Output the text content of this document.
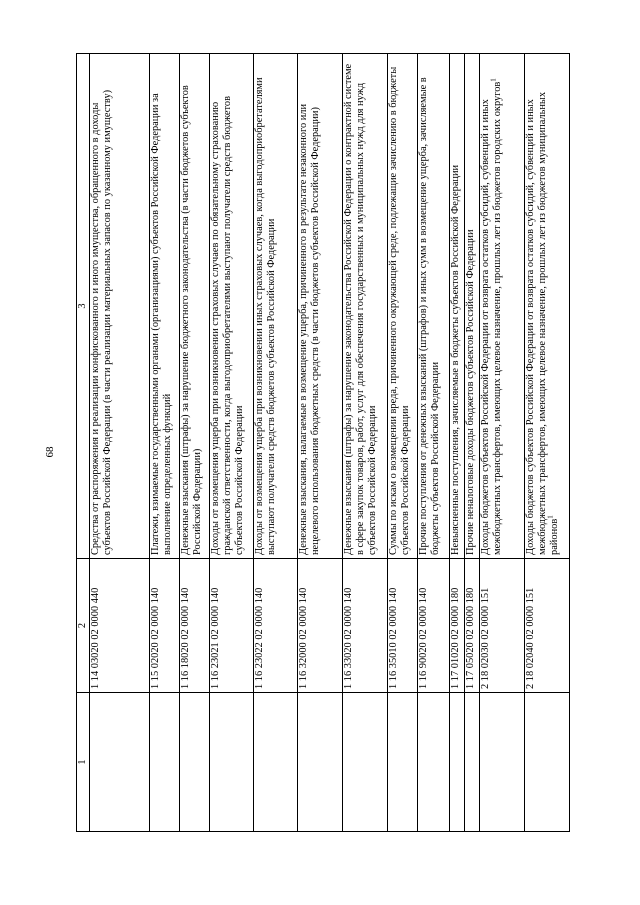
68
1	2	3
	1 14 03020 02 0000 440	Средства от распоряжения и реализации конфискованного и иного имущества, обращенного в доходы субъектов Российской Федерации (в части реализации материальных запасов по указанному имуществу)
	1 15 02020 02 0000 140	Платежи, взимаемые государственными органами (организациями) субъектов Российской Федерации за выполнение определенных функций
	1 16 18020 02 0000 140	Денежные взыскания (штрафы) за нарушение бюджетного законодательства (в части бюджетов субъектов Российской Федерации)
	1 16 23021 02 0000 140	Доходы от возмещения ущерба при возникновении страховых случаев по обязательному страхованию гражданской ответственности, когда выгодоприобретателями выступают получатели средств бюджетов субъектов Российской Федерации
	1 16 23022 02 0000 140	Доходы от возмещения ущерба при возникновении иных страховых случаев, когда выгодоприобретателями выступают получатели средств бюджетов субъектов Российской Федерации
	1 16 32000 02 0000 140	Денежные взыскания, налагаемые в возмещение ущерба, причиненного в результате незаконного или нецелевого использования бюджетных средств (в части бюджетов субъектов Российской Федерации)
	1 16 33020 02 0000 140	Денежные взыскания (штрафы) за нарушение законодательства Российской Федерации о контрактной системе в сфере закупок товаров, работ, услуг для обеспечения государственных и муниципальных нужд для нужд субъектов Российской Федерации
	1 16 35010 02 0000 140	Суммы по искам о возмещении вреда, причиненного окружающей среде, подлежащие зачислению в бюджеты субъектов Российской Федерации
	1 16 90020 02 0000 140	Прочие поступления от денежных взысканий (штрафов) и иных сумм в возмещение ущерба, зачисляемые в бюджеты субъектов Российской Федерации
	1 17 01020 02 0000 180	Невыясненные поступления, зачисляемые в бюджеты субъектов Российской Федерации
	1 17 05020 02 0000 180	Прочие неналоговые доходы бюджетов субъектов Российской Федерации
	2 18 02030 02 0000 151	Доходы бюджетов субъектов Российской Федерации от возврата остатков субсидий, субвенций и иных межбюджетных трансфертов, имеющих целевое назначение, прошлых лет из бюджетов городских округов$^1$
	2 18 02040 02 0000 151	Доходы бюджетов субъектов Российской Федерации от возврата остатков субсидий, субвенций и иных межбюджетных трансфертов, имеющих целевое назначение, прошлых лет из бюджетов муниципальных районов$^1$
